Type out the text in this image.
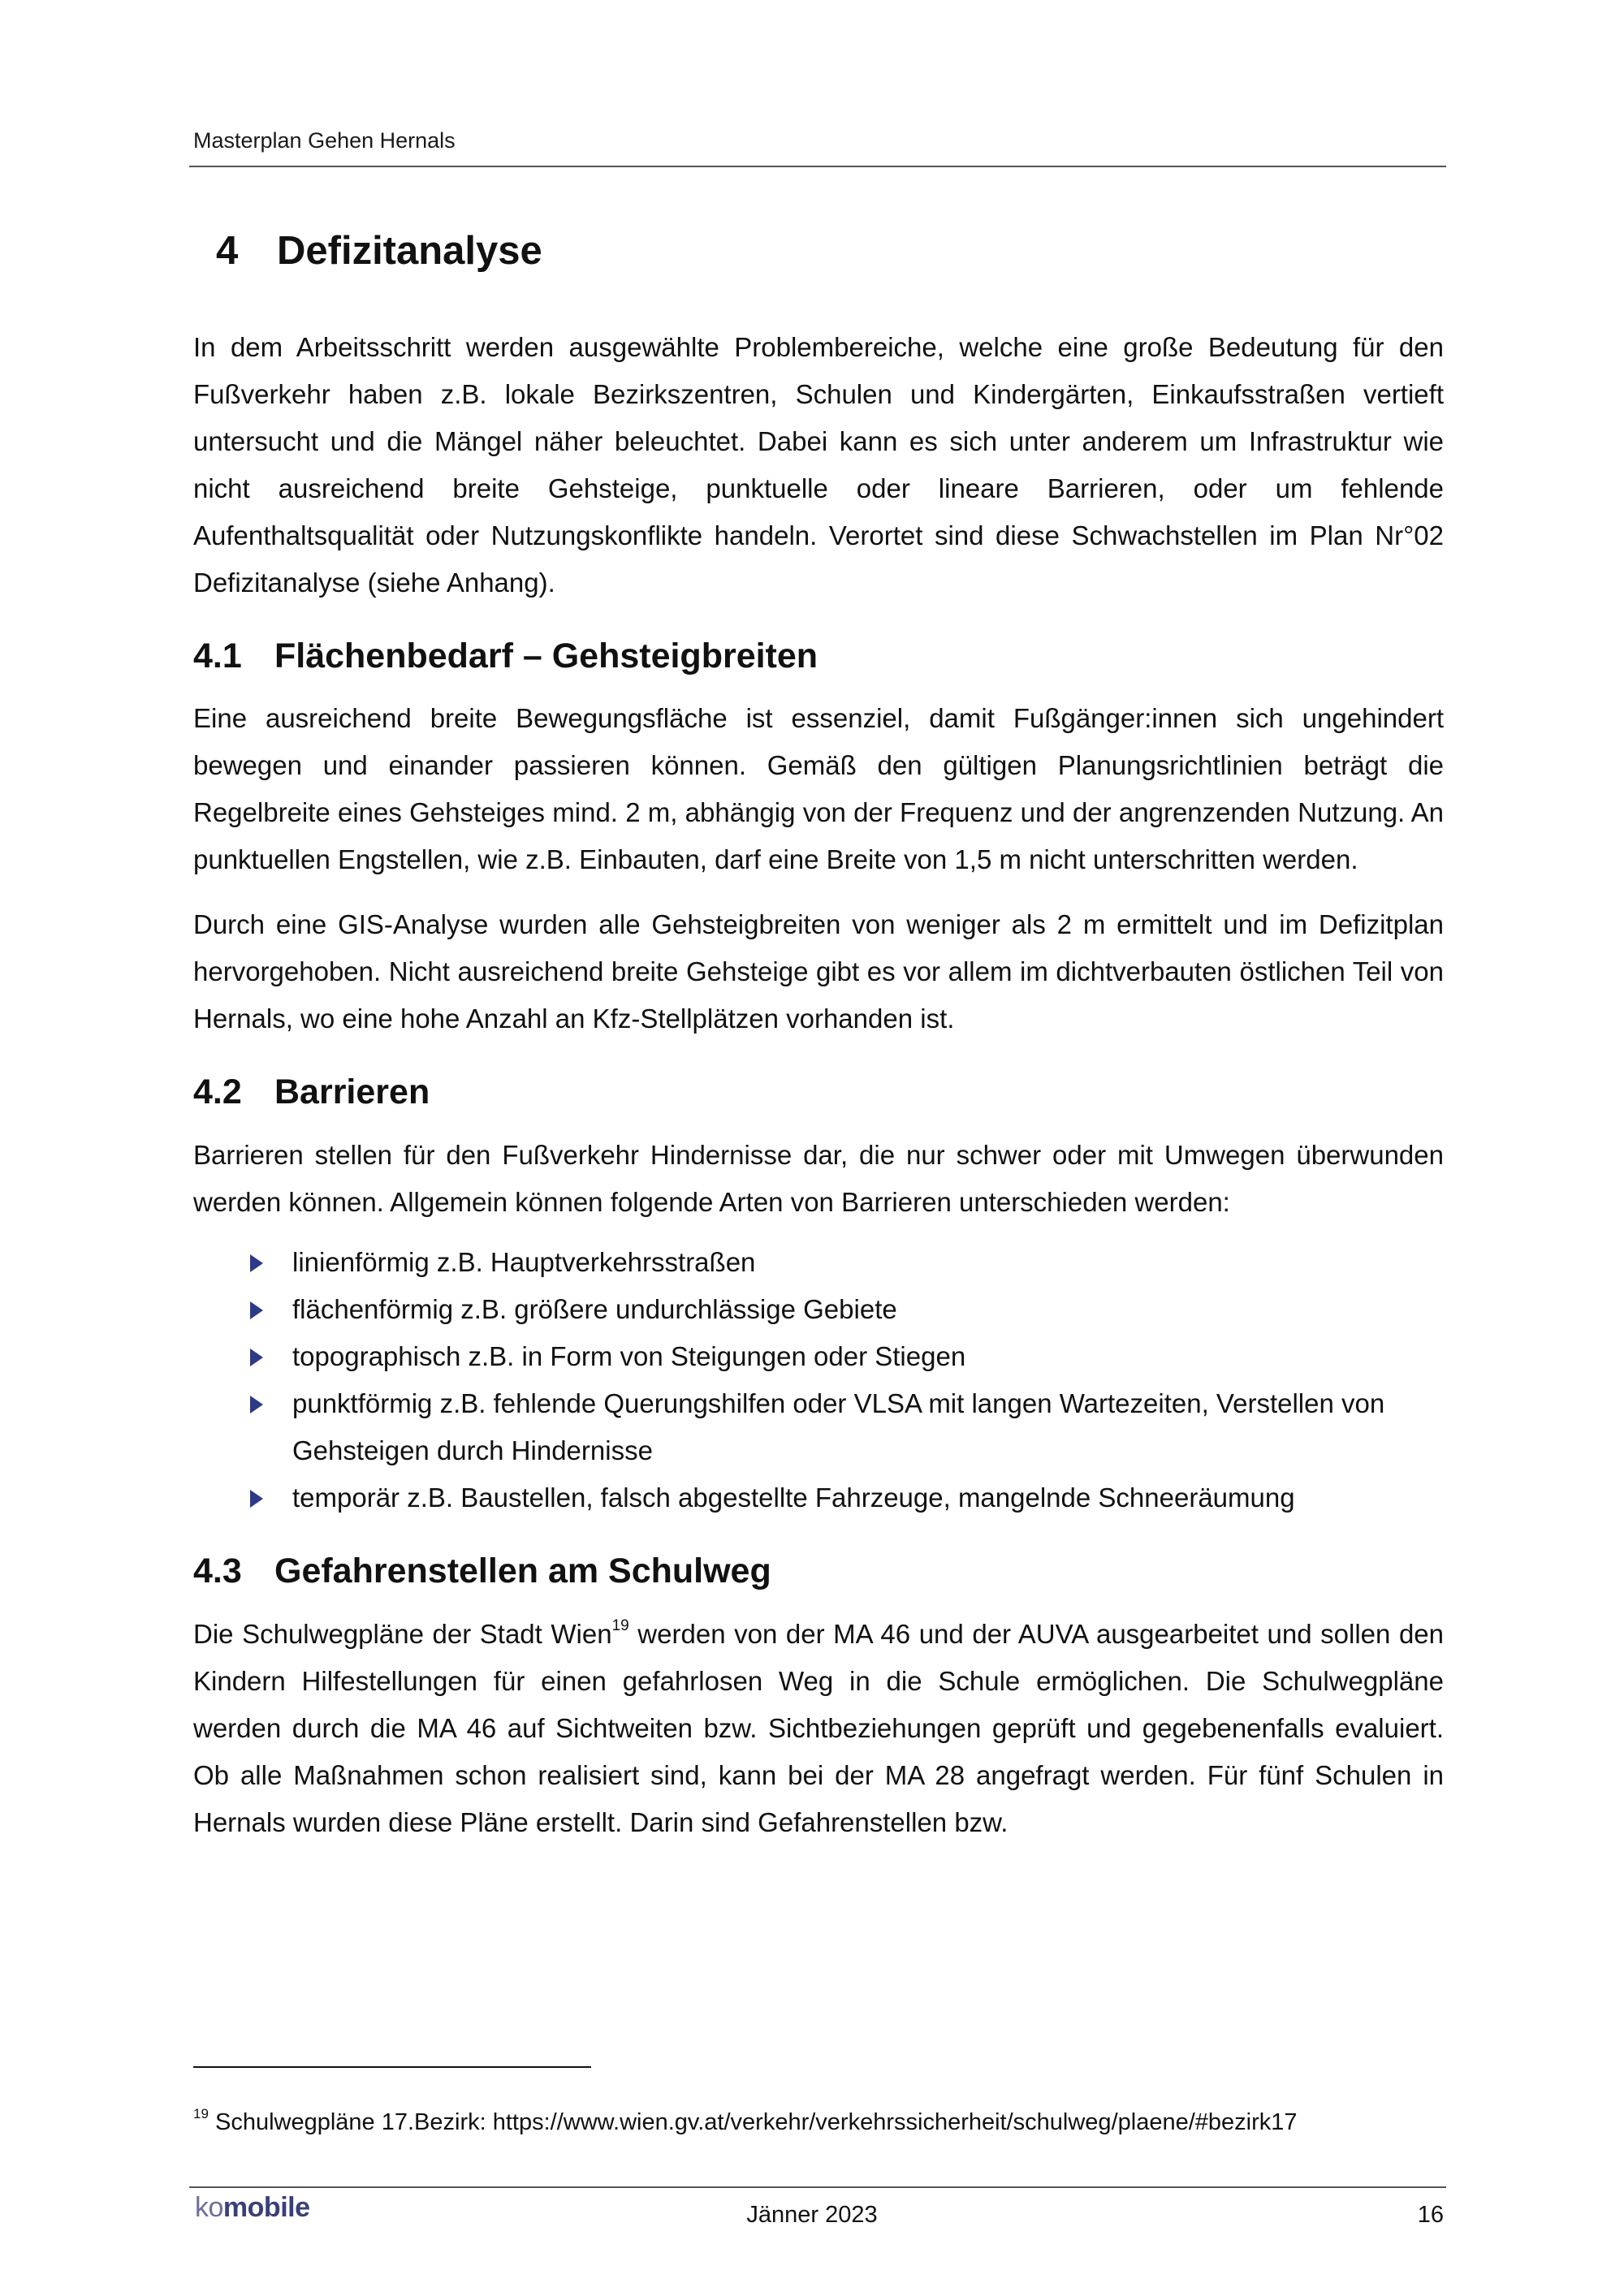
Masterplan Gehen Hernals
4 Defizitanalyse

In dem Arbeitsschritt werden ausgewählte Problembereiche, welche eine große Bedeutung für den Fußverkehr haben z.B. lokale Bezirkszentren, Schulen und Kindergärten, Einkaufsstraßen vertieft untersucht und die Mängel näher beleuchtet. Dabei kann es sich unter anderem um Infrastruktur wie nicht ausreichend breite Gehsteige, punktuelle oder lineare Barrieren, oder um fehlende Aufenthaltsqualität oder Nutzungskonflikte handeln. Verortet sind diese Schwachstellen im Plan Nr°02 Defizitanalyse (siehe Anhang).

4.1 Flächenbedarf – Gehsteigbreiten

Eine ausreichend breite Bewegungsfläche ist essenziel, damit Fußgänger:innen sich ungehindert bewegen und einander passieren können. Gemäß den gültigen Planungsrichtlinien beträgt die Regelbreite eines Gehsteiges mind. 2 m, abhängig von der Frequenz und der angrenzenden Nutzung. An punktuellen Engstellen, wie z.B. Einbauten, darf eine Breite von 1,5 m nicht unterschritten werden.

Durch eine GIS-Analyse wurden alle Gehsteigbreiten von weniger als 2 m ermittelt und im Defizitplan hervorgehoben. Nicht ausreichend breite Gehsteige gibt es vor allem im dichtverbauten östlichen Teil von Hernals, wo eine hohe Anzahl an Kfz-Stellplätzen vorhanden ist.

4.2 Barrieren

Barrieren stellen für den Fußverkehr Hindernisse dar, die nur schwer oder mit Umwegen überwunden werden können. Allgemein können folgende Arten von Barrieren unterschieden werden:

linienförmig z.B. Hauptverkehrsstraßen
flächenförmig z.B. größere undurchlässige Gebiete
topographisch z.B. in Form von Steigungen oder Stiegen
punktförmig z.B. fehlende Querungshilfen oder VLSA mit langen Wartezeiten, Verstellen von Gehsteigen durch Hindernisse
temporär z.B. Baustellen, falsch abgestellte Fahrzeuge, mangelnde Schneeräumung
4.3 Gefahrenstellen am Schulweg

Die Schulwegpläne der Stadt Wien$^{19}$ werden von der MA 46 und der AUVA ausgearbeitet und sollen den Kindern Hilfestellungen für einen gefahrlosen Weg in die Schule ermöglichen. Die Schulwegpläne werden durch die MA 46 auf Sichtweiten bzw. Sichtbeziehungen geprüft und gegebenenfalls evaluiert. Ob alle Maßnahmen schon realisiert sind, kann bei der MA 28 angefragt werden. Für fünf Schulen in Hernals wurden diese Pläne erstellt. Darin sind Gefahrenstellen bzw.

$^{19}$ Schulwegpläne 17.Bezirk: https://www.wien.gv.at/verkehr/verkehrssicherheit/schulweg/plaene/#bezirk17
komobile	Jänner 2023	16
